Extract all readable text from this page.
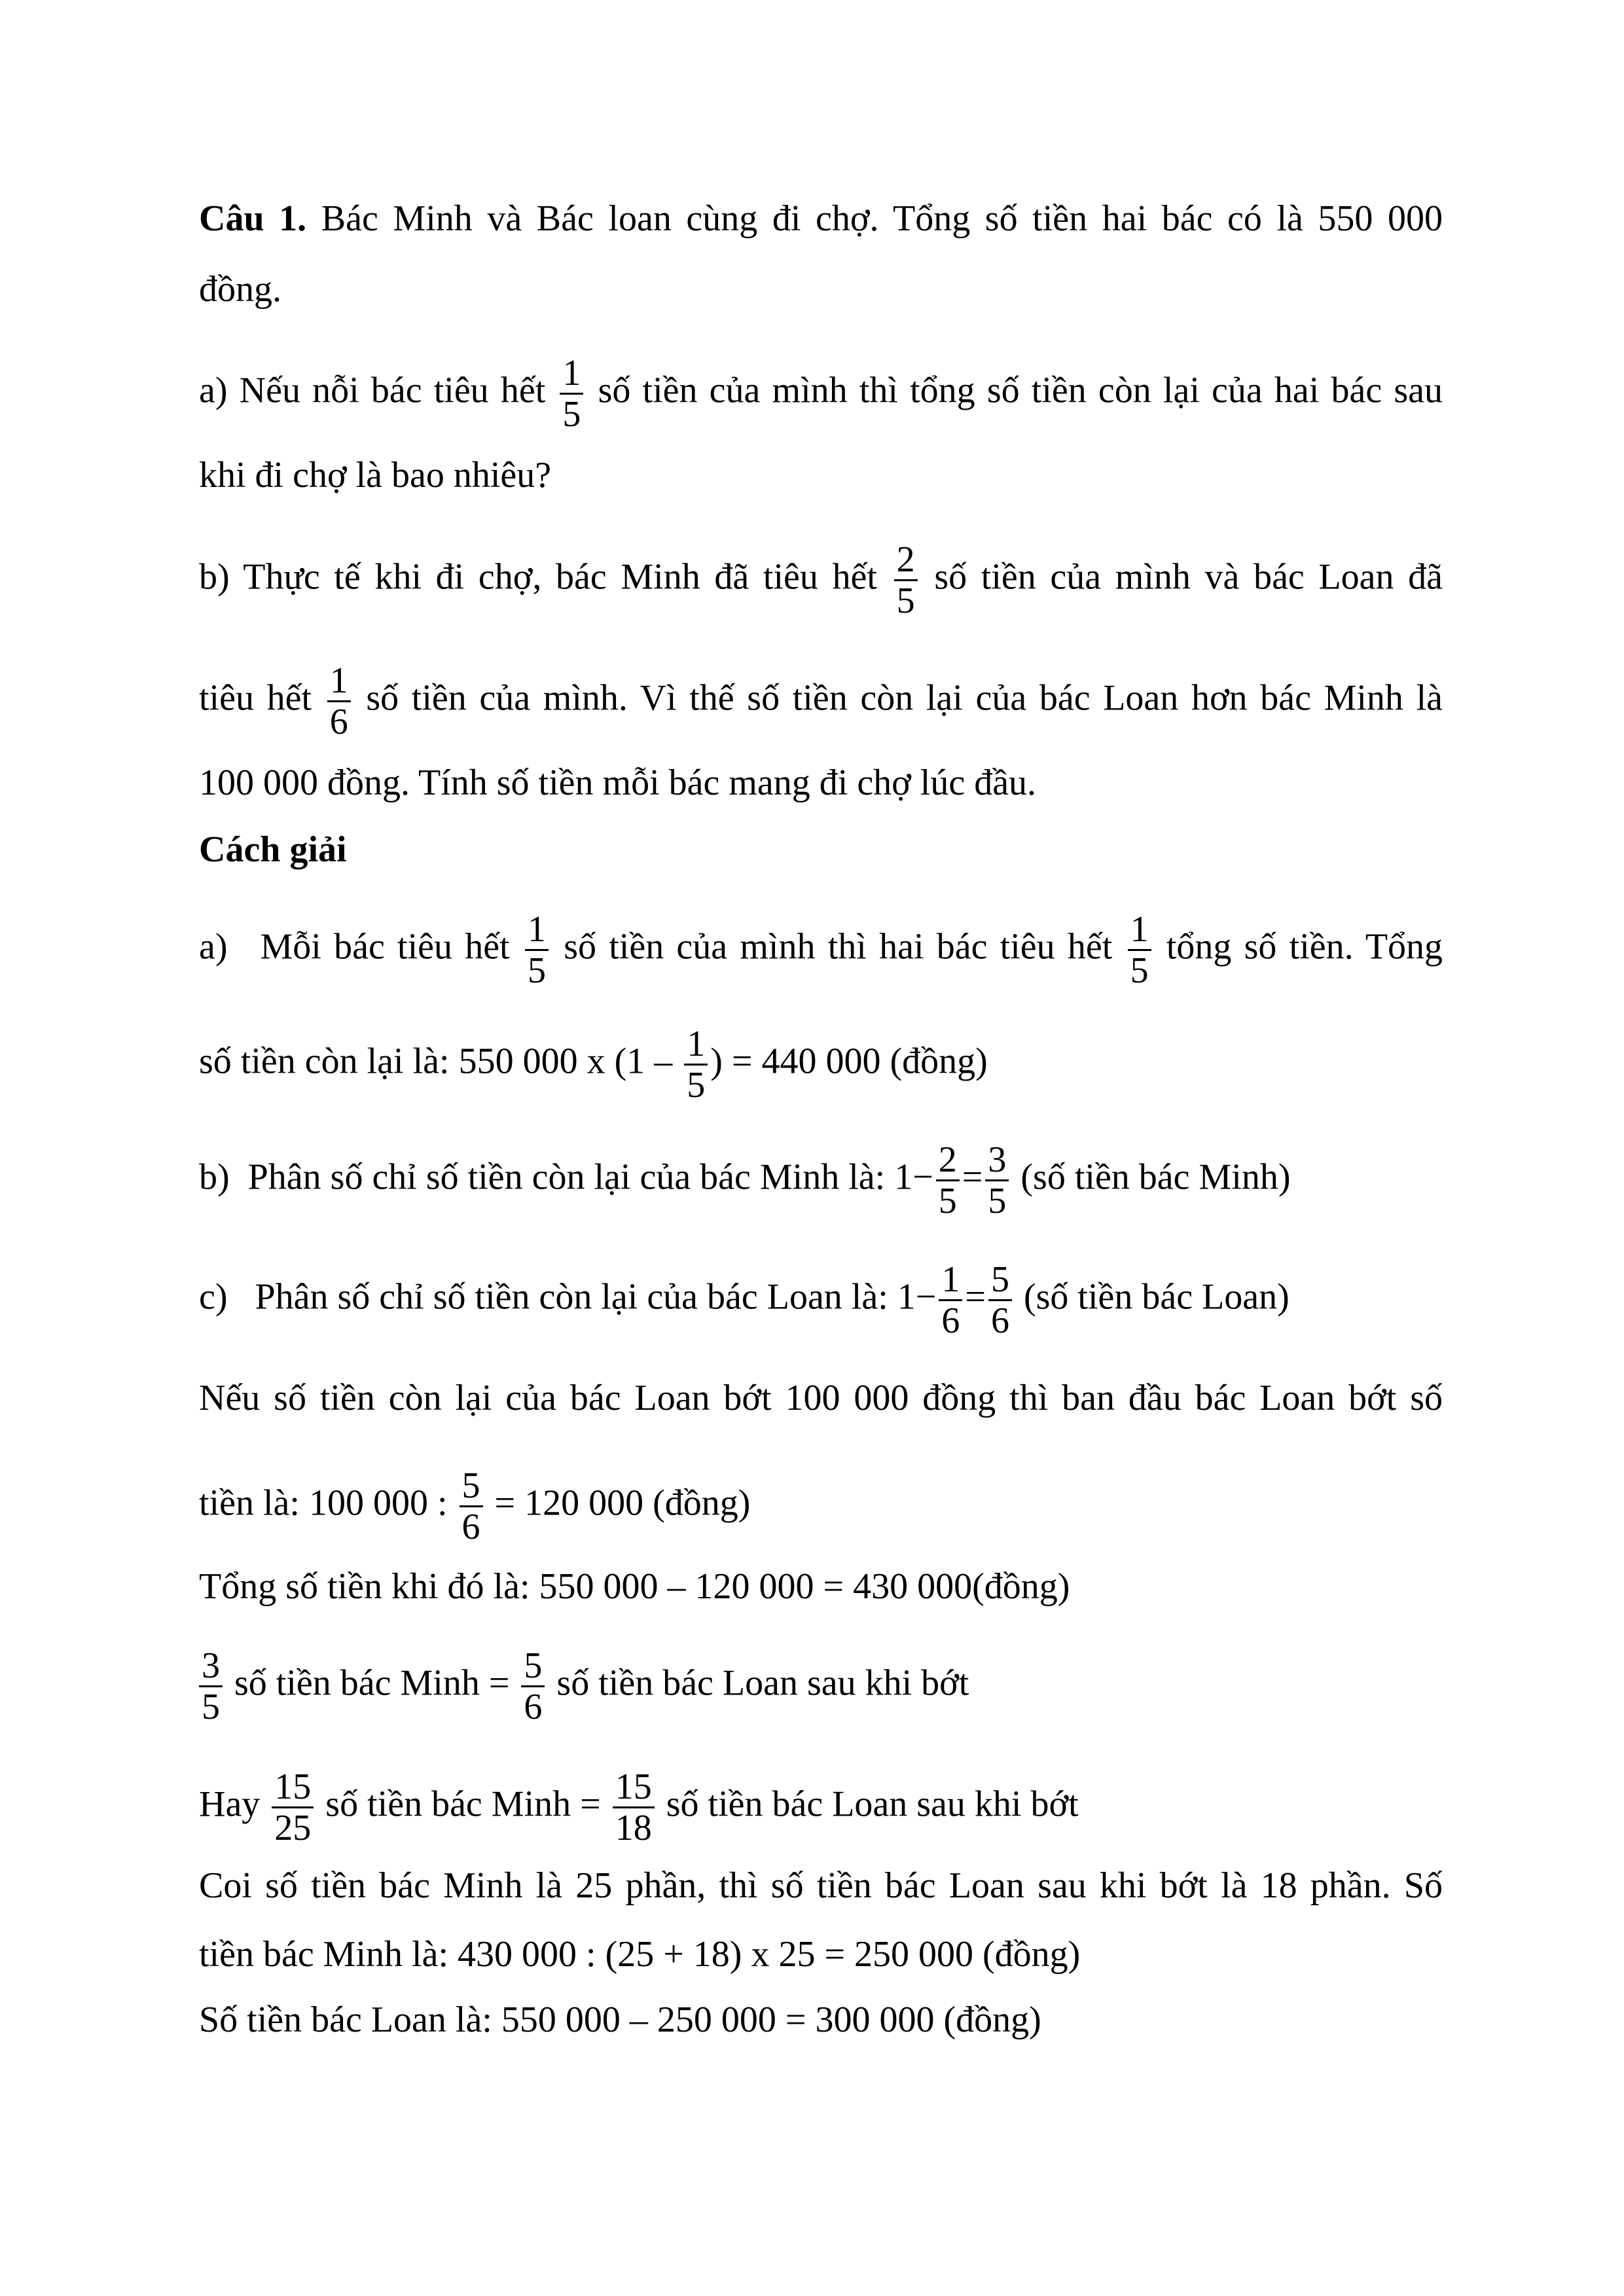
Câu 1. Bác Minh và Bác loan cùng đi chợ. Tổng số tiền hai bác có là 550 000
đồng.
a) Nếu nỗi bác tiêu hết $\frac{1}{5}$ số tiền của mình thì tổng số tiền còn lại của hai bác sau
khi đi chợ là bao nhiêu?
b) Thực tế khi đi chợ, bác Minh đã tiêu hết $\frac{2}{5}$ số tiền của mình và bác Loan đã
tiêu hết $\frac{1}{6}$ số tiền của mình. Vì thế số tiền còn lại của bác Loan hơn bác Minh là
100 000 đồng. Tính số tiền mỗi bác mang đi chợ lúc đầu.
Cách giải
a) Mỗi bác tiêu hết $\frac{1}{5}$ số tiền của mình thì hai bác tiêu hết $\frac{1}{5}$ tổng số tiền. Tổng
số tiền còn lại là: 550 000 x ($1 - \frac{1}{5}$ ) = 440 000 (đồng)
b) Phân số chỉ số tiền còn lại của bác Minh là: $1- \frac{2}{5} = \frac{3}{5}$ (số tiền bác Minh)
c) Phân số chỉ số tiền còn lại của bác Loan là: $1- \frac{1}{6} = \frac{5}{6}$ (số tiền bác Loan)
Nếu số tiền còn lại của bác Loan bớt 100 000 đồng thì ban đầu bác Loan bớt số
tiền là: 100 000 : $\frac{5}{6} = 120$ 000 (đồng)
Tổng số tiền khi đó là: 550 000 – 120 000 = 430 000(đồng)
$\frac{3}{5}$ số tiền bác Minh = $\frac{5}{6}$ số tiền bác Loan sau khi bớt
Hay $\frac{15}{25}$ số tiền bác Minh = $\frac{15}{18}$ số tiền bác Loan sau khi bớt
Coi số tiền bác Minh là 25 phần, thì số tiền bác Loan sau khi bớt là 18 phần. Số
tiền bác Minh là: 430 000 : (25 + 18) x 25 = 250 000 (đồng)
Số tiền bác Loan là: 550 000 – 250 000 = 300 000 (đồng)
